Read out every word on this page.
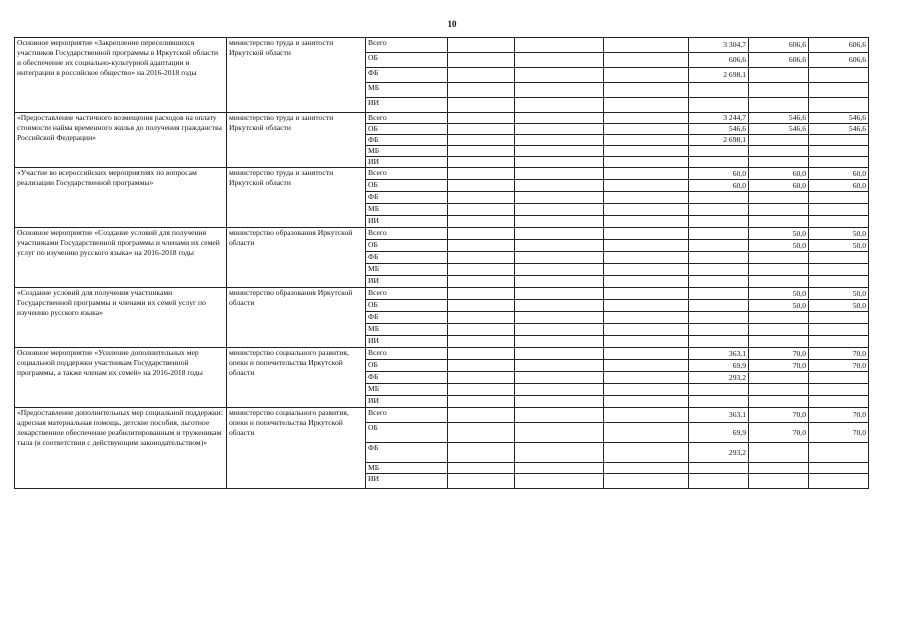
10
Основное мероприятие «Закрепление переселившихся участников Государственной программы в Иркутской области и обеспечение их социально-культурной адаптации и интеграции в российское общество» на 2016-2018 годы	министерство труда и занятости Иркутской области	Всего				3 304,7	606,6	606,6	
		ОБ				606,6	606,6	606,6	
		ФБ				2 698,1			
		МБ							
		ИИ							
«Предоставление частичного возмещения расходов на оплату стоимости найма временного жилья до получения гражданства Российской Федерации»	министерство труда и занятости Иркутской области	Всего				3 244,7	546,6	546,6	
		ОБ				546,6	546,6	546,6	
		ФБ				2 698,1			
		МБ							
		ИИ							
«Участие во всероссийских мероприятиях по вопросам реализации Государственной программы»	министерство труда и занятости Иркутской области	Всего				60,0	60,0	60,0	
		ОБ				60,0	60,0	60,0	
		ФБ							
		МБ							
		ИИ							
Основное мероприятие «Создание условий для получения участниками Государственной программы и членами их семей услуг по изучению русского языка» на 2016-2018 годы	министерство образования Иркутской области	Всего					50,0	50,0	
		ОБ					50,0	50,0	
		ФБ							
		МБ							
		ИИ							
«Создание условий для получения участниками Государственной программы и членами их семей услуг по изучению русского языка»	министерство образования Иркутской области	Всего					50,0	50,0	
		ОБ					50,0	50,0	
		ФБ							
		МБ							
		ИИ							
Основное мероприятие «Усиление дополнительных мер социальной поддержки участникам Государственной программы, а также членам их семей» на 2016-2018 годы	министерство социального развития, опеки и попечительства Иркутской области	Всего				363,1	70,0	70,0	
		ОБ				69,9	70,0	70,0	
		ФБ				293,2			
		МБ							
		ИИ							
«Предоставление дополнительных мер социальной поддержки: адресная материальная помощь, детские пособия, льготное лекарственное обеспечение реабилитированным и труженикам тыла (в соответствии с действующим законодательством)»	министерство социального развития, опеки и попечительства Иркутской области	Всего				363,1	70,0	70,0	
		ОБ				69,9	70,0	70,0	
		ФБ				293,2			
		МБ							
		ИИ							
